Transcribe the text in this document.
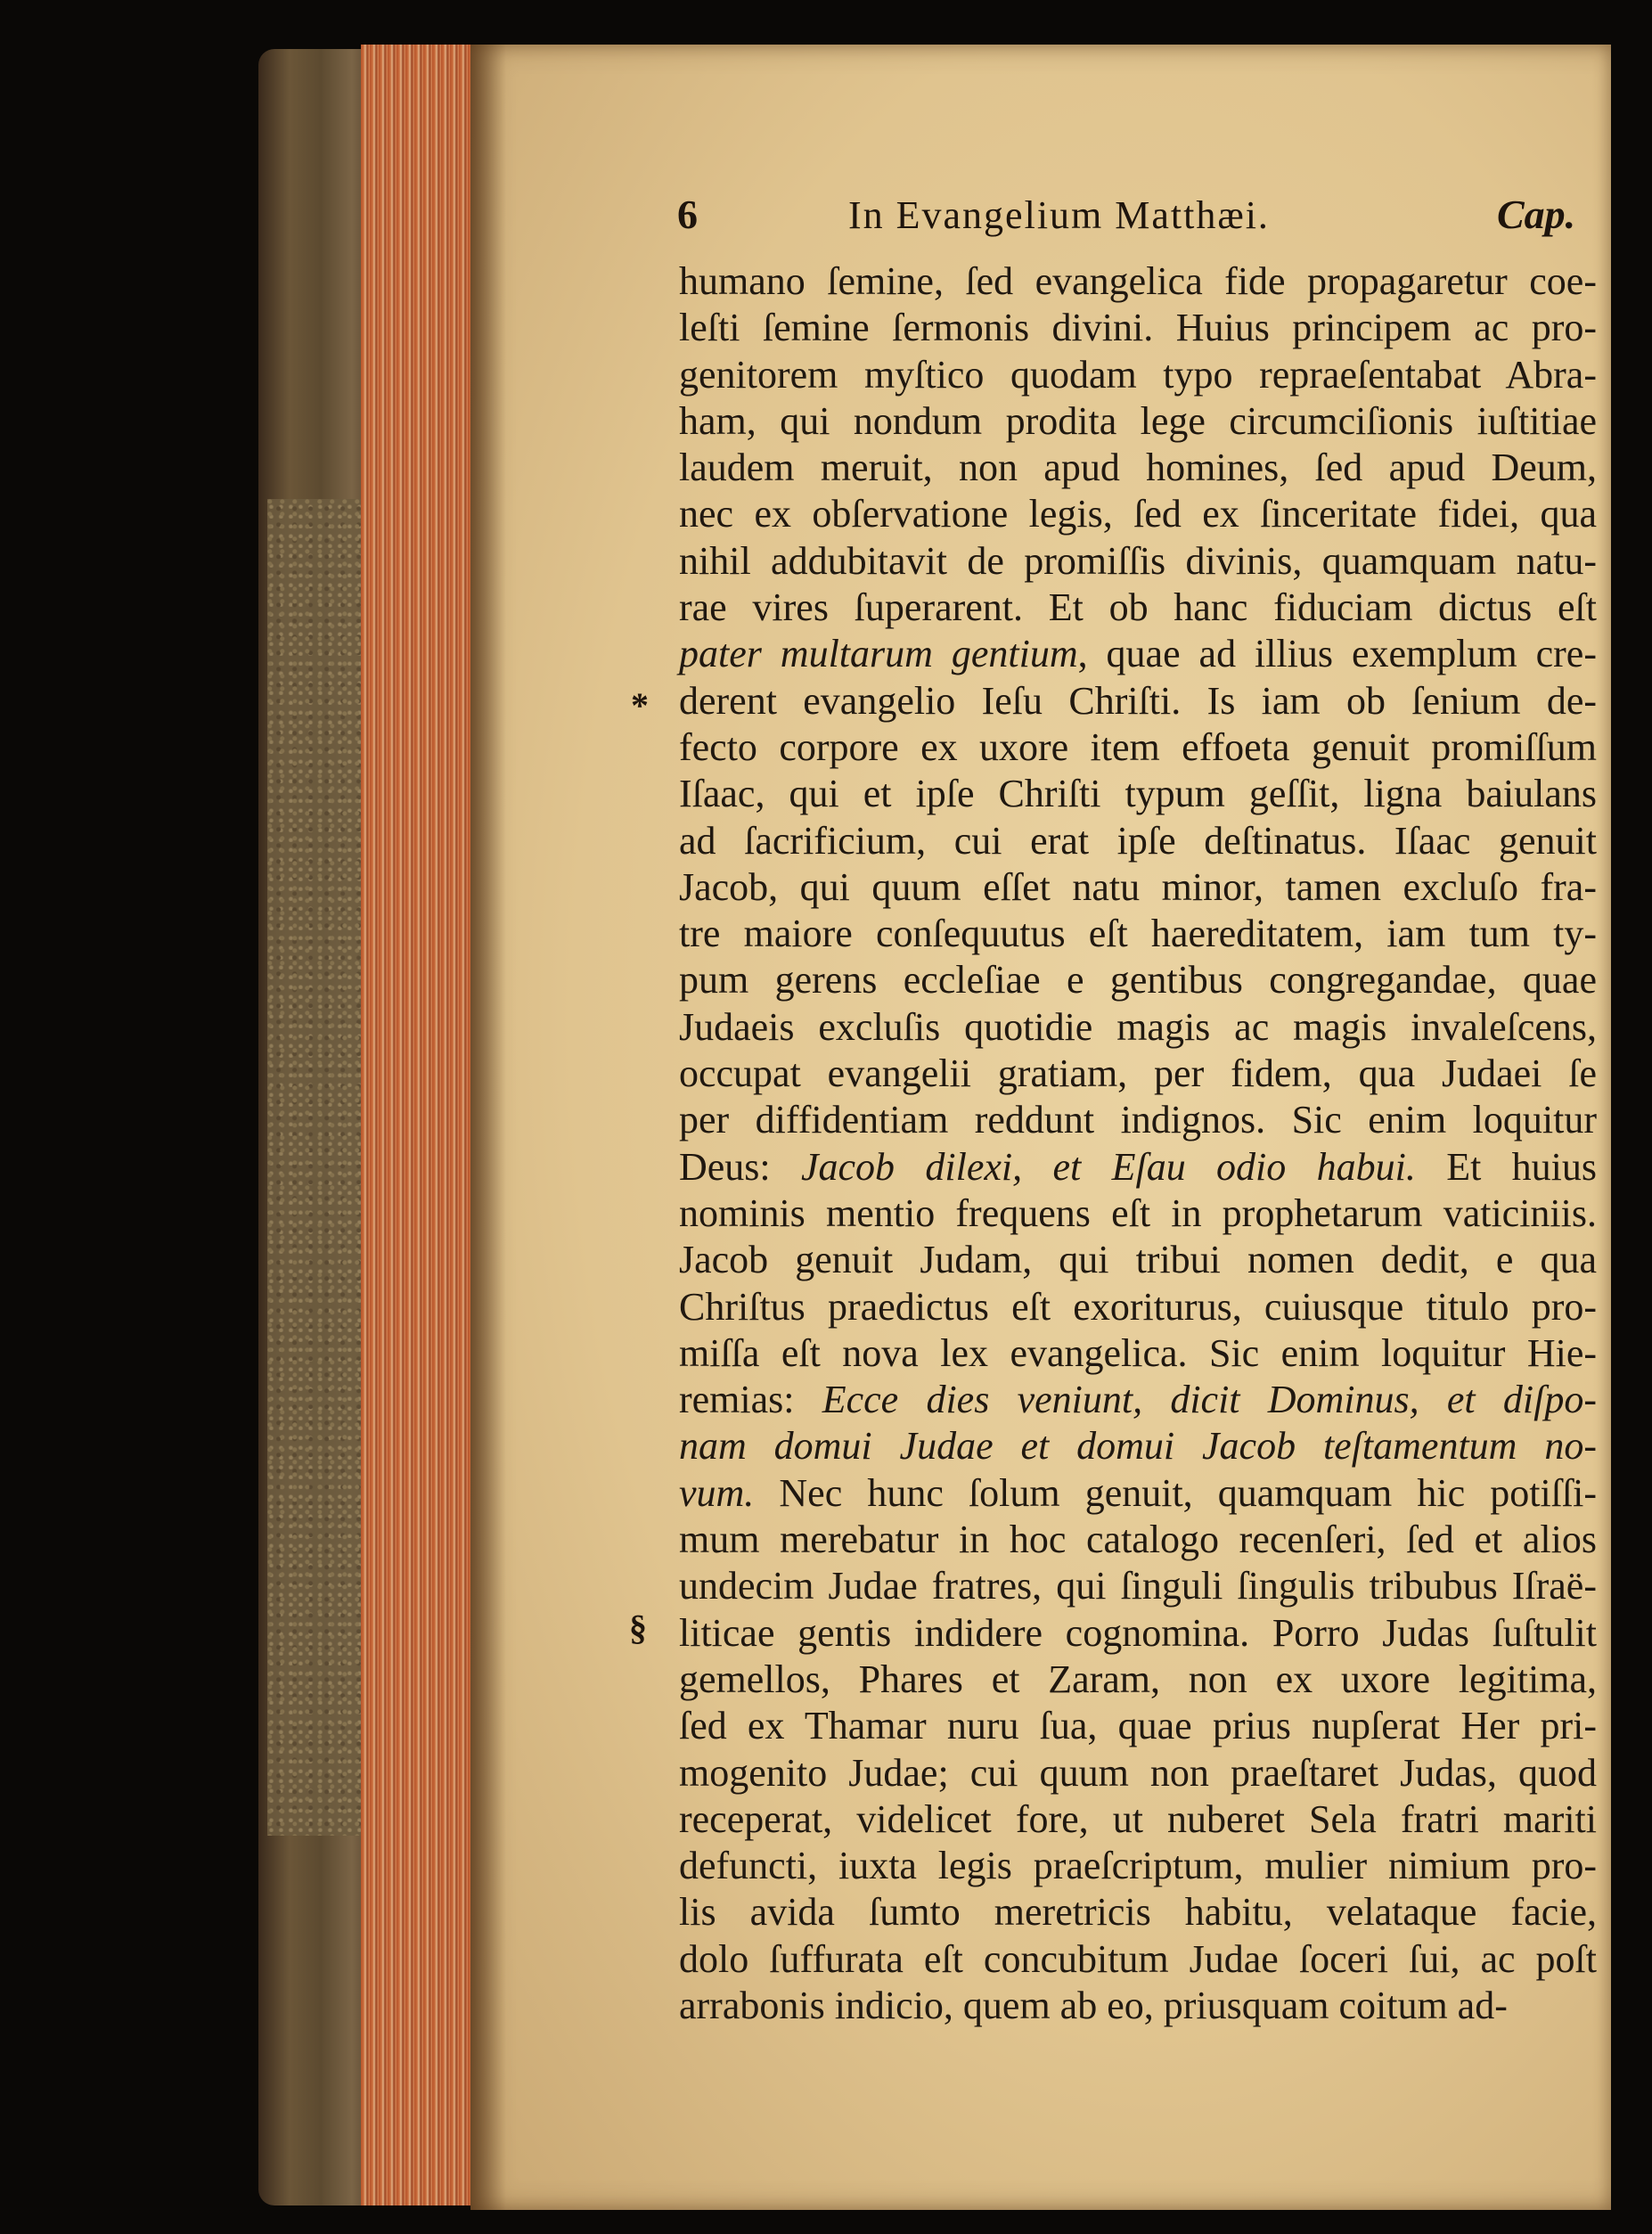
6	In Evangelium Matthæi.	Cap.
*
§
humano ſemine, ſed evangelica fide propagaretur coe-
leſti ſemine ſermonis divini. Huius principem ac pro-
genitorem myſtico quodam typo repraeſentabat Abra-
ham, qui nondum prodita lege circumciſionis iuſtitiae
laudem meruit, non apud homines, ſed apud Deum,
nec ex obſervatione legis, ſed ex ſinceritate fidei, qua
nihil addubitavit de promiſſis divinis, quamquam natu-
rae vires ſuperarent. Et ob hanc fiduciam dictus eſt
pater multarum gentium, quae ad illius exemplum cre-
derent evangelio Ieſu Chriſti. Is iam ob ſenium de-
fecto corpore ex uxore item effoeta genuit promiſſum
Iſaac, qui et ipſe Chriſti typum geſſit, ligna baiulans
ad ſacrificium, cui erat ipſe deſtinatus. Iſaac genuit
Jacob, qui quum eſſet natu minor, tamen excluſo fra-
tre maiore conſequutus eſt haereditatem, iam tum ty-
pum gerens eccleſiae e gentibus congregandae, quae
Judaeis excluſis quotidie magis ac magis invaleſcens,
occupat evangelii gratiam, per fidem, qua Judaei ſe
per diffidentiam reddunt indignos. Sic enim loquitur
Deus: Jacob dilexi, et Eſau odio habui. Et huius
nominis mentio frequens eſt in prophetarum vaticiniis.
Jacob genuit Judam, qui tribui nomen dedit, e qua
Chriſtus praedictus eſt exoriturus, cuiusque titulo pro-
miſſa eſt nova lex evangelica. Sic enim loquitur Hie-
remias: Ecce dies veniunt, dicit Dominus, et diſpo-
nam domui Judae et domui Jacob teſtamentum no-
vum. Nec hunc ſolum genuit, quamquam hic potiſſi-
mum merebatur in hoc catalogo recenſeri, ſed et alios
undecim Judae fratres, qui ſinguli ſingulis tribubus Iſraë-
liticae gentis indidere cognomina. Porro Judas ſuſtulit
gemellos, Phares et Zaram, non ex uxore legitima,
ſed ex Thamar nuru ſua, quae prius nupſerat Her pri-
mogenito Judae; cui quum non praeſtaret Judas, quod
receperat, videlicet fore, ut nuberet Sela fratri mariti
defuncti, iuxta legis praeſcriptum, mulier nimium pro-
lis avida ſumto meretricis habitu, velataque facie,
dolo ſuffurata eſt concubitum Judae ſoceri ſui, ac poſt
arrabonis indicio, quem ab eo, priusquam coitum ad-
